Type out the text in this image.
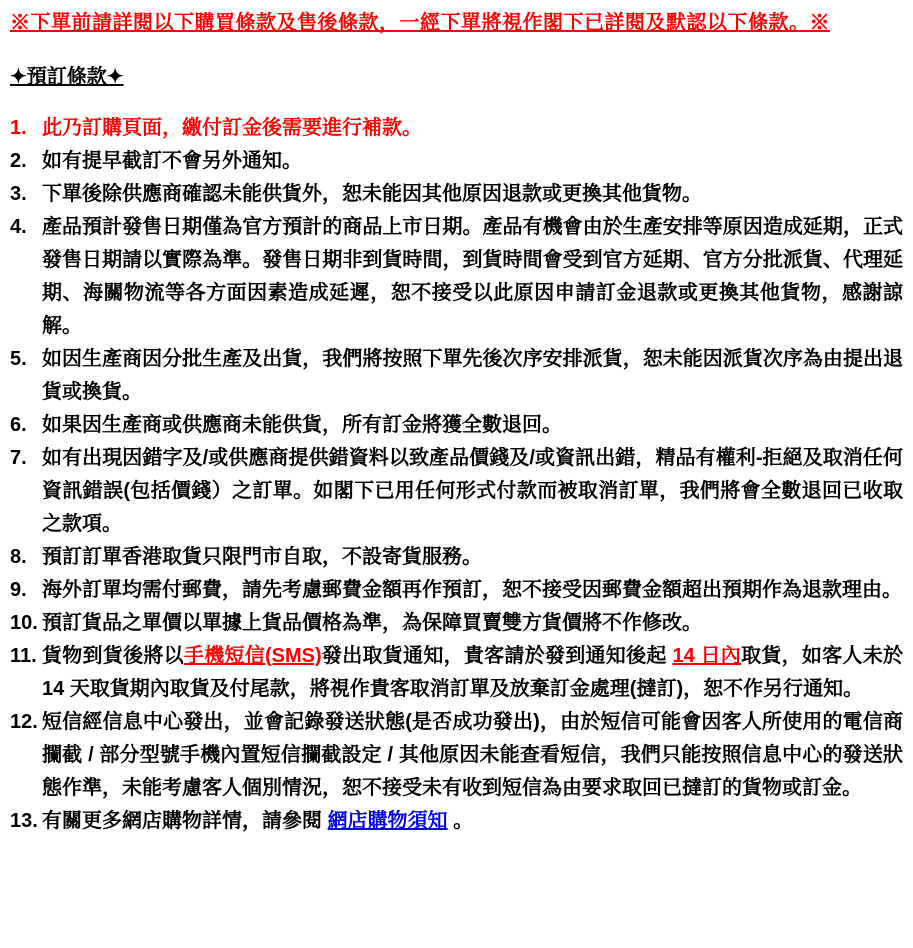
※下單前請詳閱以下購買條款及售後條款，一經下單將視作閣下已詳閱及默認以下條款。※
✦預訂條款✦
1. 此乃訂購頁面，繳付訂金後需要進行補款。
2. 如有提早截訂不會另外通知。
3. 下單後除供應商確認未能供貨外，恕未能因其他原因退款或更換其他貨物。
4. 產品預計發售日期僅為官方預計的商品上市日期。產品有機會由於生產安排等原因造成延期，正式發售日期請以實際為準。發售日期非到貨時間，到貨時間會受到官方延期、官方分批派貨、代理延期、海關物流等各方面因素造成延遲，恕不接受以此原因申請訂金退款或更換其他貨物，感謝諒解。
5. 如因生產商因分批生產及出貨，我們將按照下單先後次序安排派貨，恕未能因派貨次序為由提出退貨或換貨。
6. 如果因生產商或供應商未能供貨，所有訂金將獲全數退回。
7. 如有出現因錯字及/或供應商提供錯資料以致產品價錢及/或資訊出錯，精品有權利-拒絕及取消任何資訊錯誤(包括價錢）之訂單。如閣下已用任何形式付款而被取消訂單，我們將會全數退回已收取之款項。
8. 預訂訂單香港取貨只限門市自取，不設寄貨服務。
9. 海外訂單均需付郵費，請先考慮郵費金額再作預訂，恕不接受因郵費金額超出預期作為退款理由。
10. 預訂貨品之單價以單據上貨品價格為準，為保障買賣雙方貨價將不作修改。
11. 貨物到貨後將以手機短信(SMS)發出取貨通知，貴客請於發到通知後起 14 日內取貨，如客人未於 14 天取貨期內取貨及付尾款，將視作貴客取消訂單及放棄訂金處理(撻訂)，恕不作另行通知。
12. 短信經信息中心發出，並會記錄發送狀態(是否成功發出)，由於短信可能會因客人所使用的電信商攔截 / 部分型號手機內置短信攔截設定 / 其他原因未能查看短信，我們只能按照信息中心的發送狀態作準，未能考慮客人個別情況，恕不接受未有收到短信為由要求取回已撻訂的貨物或訂金。
13. 有關更多網店購物詳情，請參閱 網店購物須知 。
